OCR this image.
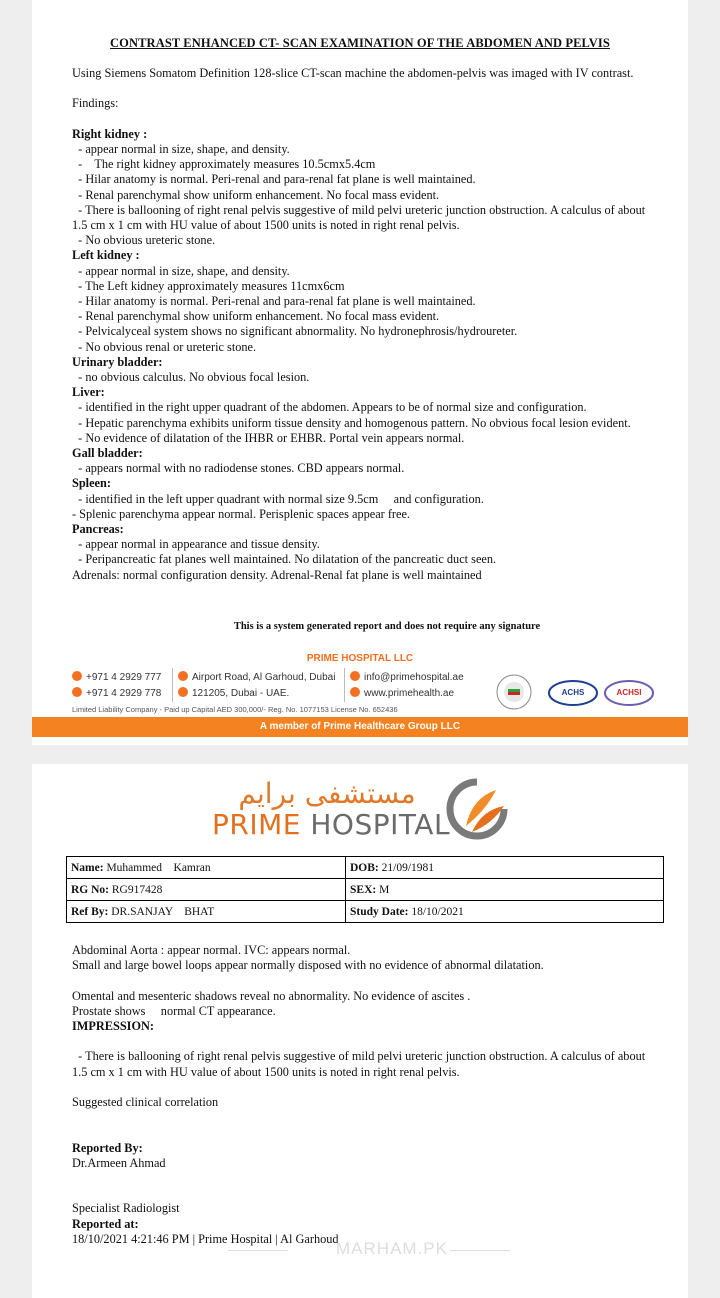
CONTRAST ENHANCED CT- SCAN EXAMINATION OF THE ABDOMEN AND PELVIS

Using Siemens Somatom Definition 128-slice CT-scan machine the abdomen-pelvis was imaged with IV contrast.

Findings:

Right kidney :

- appear normal in size, shape, and density.

-    The right kidney approximately measures 10.5cmx5.4cm

- Hilar anatomy is normal. Peri-renal and para-renal fat plane is well maintained.

- Renal parenchymal show uniform enhancement. No focal mass evident.

- There is ballooning of right renal pelvis suggestive of mild pelvi ureteric junction obstruction. A calculus of about 1.5 cm x 1 cm with HU value of about 1500 units is noted in right renal pelvis.

- No obvious ureteric stone.

Left kidney :

- appear normal in size, shape, and density.

- The Left kidney approximately measures 11cmx6cm

- Hilar anatomy is normal. Peri-renal and para-renal fat plane is well maintained.

- Renal parenchymal show uniform enhancement. No focal mass evident.

- Pelvicalyceal system shows no significant abnormality. No hydronephrosis/hydroureter.

- No obvious renal or ureteric stone.

Urinary bladder:

- no obvious calculus. No obvious focal lesion.

Liver:

- identified in the right upper quadrant of the abdomen. Appears to be of normal size and configuration.

- Hepatic parenchyma exhibits uniform tissue density and homogenous pattern. No obvious focal lesion evident.

- No evidence of dilatation of the IHBR or EHBR. Portal vein appears normal.

Gall bladder:

- appears normal with no radiodense stones. CBD appears normal.

Spleen:

- identified in the left upper quadrant with normal size 9.5cm     and configuration.

- Splenic parenchyma appear normal. Perisplenic spaces appear free.

Pancreas:

- appear normal in appearance and tissue density.

- Peripancreatic fat planes well maintained. No dilatation of the pancreatic duct seen.

Adrenals: normal configuration density. Adrenal-Renal fat plane is well maintained

This is a system generated report and does not require any signature
PRIME HOSPITAL LLC
+971 4 2929 777
+971 4 2929 778
Airport Road, Al Garhoud, Dubai
121205, Dubai - UAE.
info@primehospital.ae
www.primehealth.ae	ACHS	ACHSI
Limited Liability Company - Paid up Capital AED 300,000/- Reg. No. 1077153 License No. 652436
A member of Prime Healthcare Group LLC
مستشفى برايم
PRIME HOSPITAL
Name: Muhammed    Kamran	DOB: 21/09/1981
RG No: RG917428	SEX: M
Ref By: DR.SANJAY    BHAT	Study Date: 18/10/2021

Abdominal Aorta : appear normal. IVC: appears normal.

Small and large bowel loops appear normally disposed with no evidence of abnormal dilatation.

Omental and mesenteric shadows reveal no abnormality. No evidence of ascites .

Prostate shows     normal CT appearance.

IMPRESSION:

- There is ballooning of right renal pelvis suggestive of mild pelvi ureteric junction obstruction. A calculus of about 1.5 cm x 1 cm with HU value of about 1500 units is noted in right renal pelvis.

Suggested clinical correlation

Reported By:

Dr.Armeen Ahmad

Specialist Radiologist

Reported at:

18/10/2021 4:21:46 PM | Prime Hospital | Al Garhoud

MARHAM.PK
